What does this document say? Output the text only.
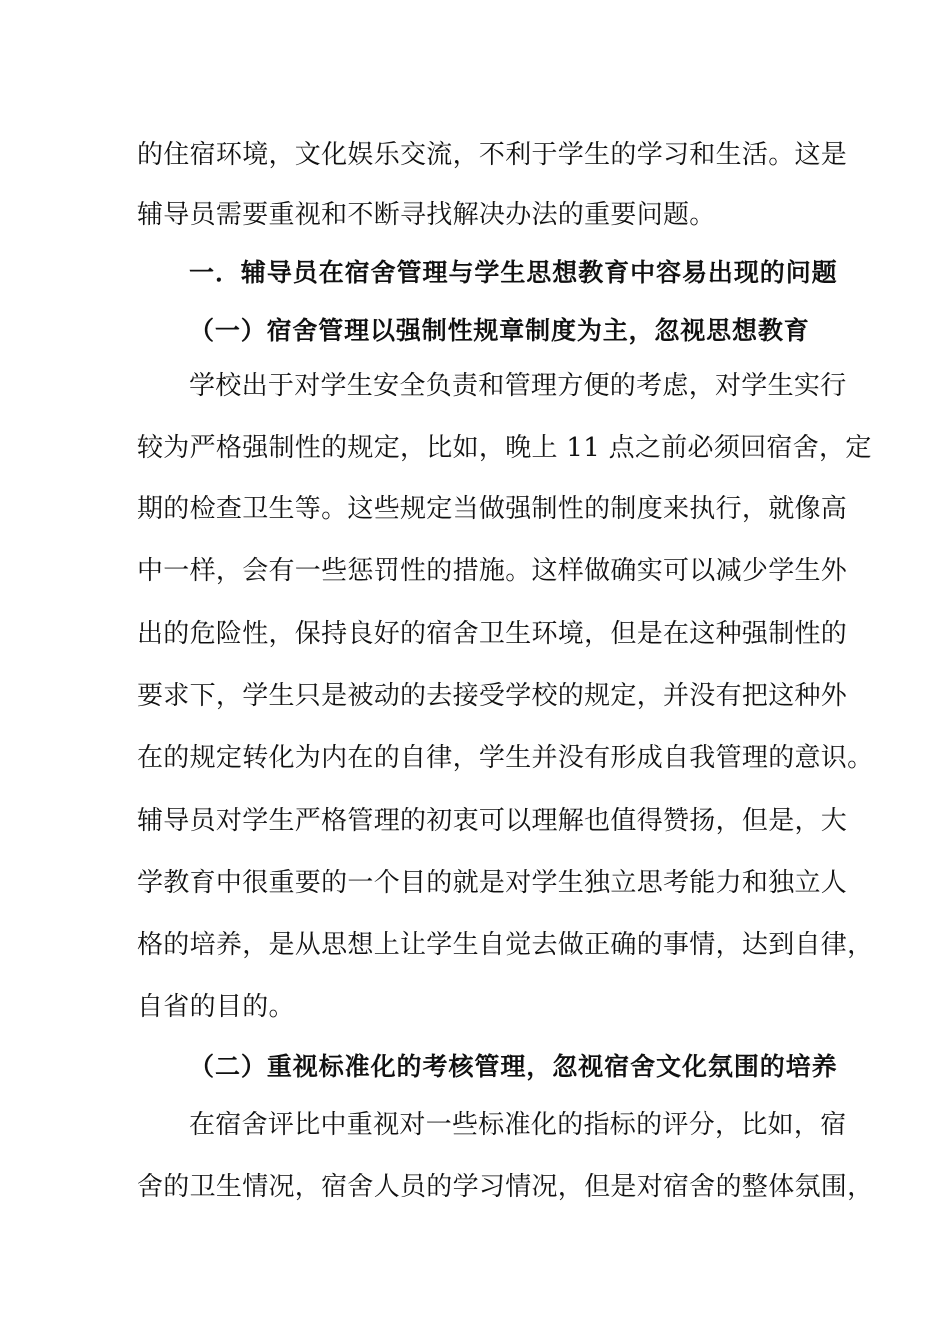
的住宿环境，文化娱乐交流，不利于学生的学习和生活。这是
辅导员需要重视和不断寻找解决办法的重要问题。
一．辅导员在宿舍管理与学生思想教育中容易出现的问题
（一）宿舍管理以强制性规章制度为主，忽视思想教育
学校出于对学生安全负责和管理方便的考虑，对学生实行
较为严格强制性的规定，比如，晚上 11 点之前必须回宿舍，定
期的检查卫生等。这些规定当做强制性的制度来执行，就像高
中一样，会有一些惩罚性的措施。这样做确实可以减少学生外
出的危险性，保持良好的宿舍卫生环境，但是在这种强制性的
要求下，学生只是被动的去接受学校的规定，并没有把这种外
在的规定转化为内在的自律，学生并没有形成自我管理的意识。
辅导员对学生严格管理的初衷可以理解也值得赞扬，但是，大
学教育中很重要的一个目的就是对学生独立思考能力和独立人
格的培养，是从思想上让学生自觉去做正确的事情，达到自律，
自省的目的。
（二）重视标准化的考核管理，忽视宿舍文化氛围的培养
在宿舍评比中重视对一些标准化的指标的评分，比如，宿
舍的卫生情况，宿舍人员的学习情况，但是对宿舍的整体氛围，
